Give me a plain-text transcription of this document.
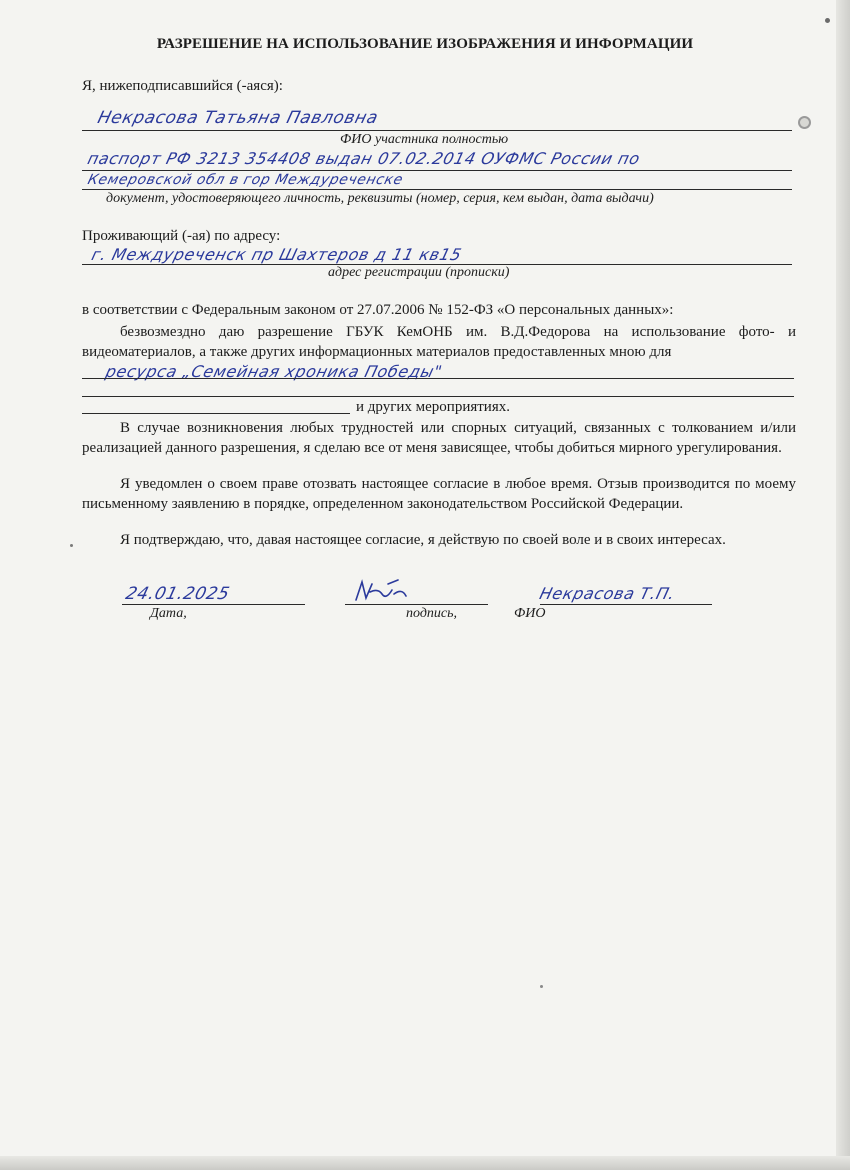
РАЗРЕШЕНИЕ НА ИСПОЛЬЗОВАНИЕ ИЗОБРАЖЕНИЯ И ИНФОРМАЦИИ
Я, нижеподписавшийся (-аяся):
Некрасова Татьяна Павловна
ФИО участника полностью
паспорт РФ 3213 354408 выдан 07.02.2014 ОУФМС России по
Кемеровской обл в гор Междуреченске
документ, удостоверяющего личность, реквизиты (номер, серия, кем выдан, дата выдачи)
Проживающий (-ая) по адресу:
г. Междуреченск пр Шахтеров д 11 кв15
адрес регистрации (прописки)
в соответствии с Федеральным законом от 27.07.2006 № 152-ФЗ «О персональных данных»:
безвозмездно даю разрешение ГБУК КемОНБ им. В.Д.Федорова на использование фото- и видеоматериалов, а также других информационных материалов предоставленных мною для
ресурса „Семейная хроника Победы"
и других мероприятиях.
В случае возникновения любых трудностей или спорных ситуаций, связанных с толкованием и/или реализацией данного разрешения, я сделаю все от меня зависящее, чтобы добиться мирного урегулирования.
Я уведомлен о своем праве отозвать настоящее согласие в любое время. Отзыв производится по моему письменному заявлению в порядке, определенном законодательством Российской Федерации.
Я подтверждаю, что, давая настоящее согласие, я действую по своей воле и в своих интересах.
24.01.2025
Дата,	подпись,
Некрасова Т.П.
ФИО
